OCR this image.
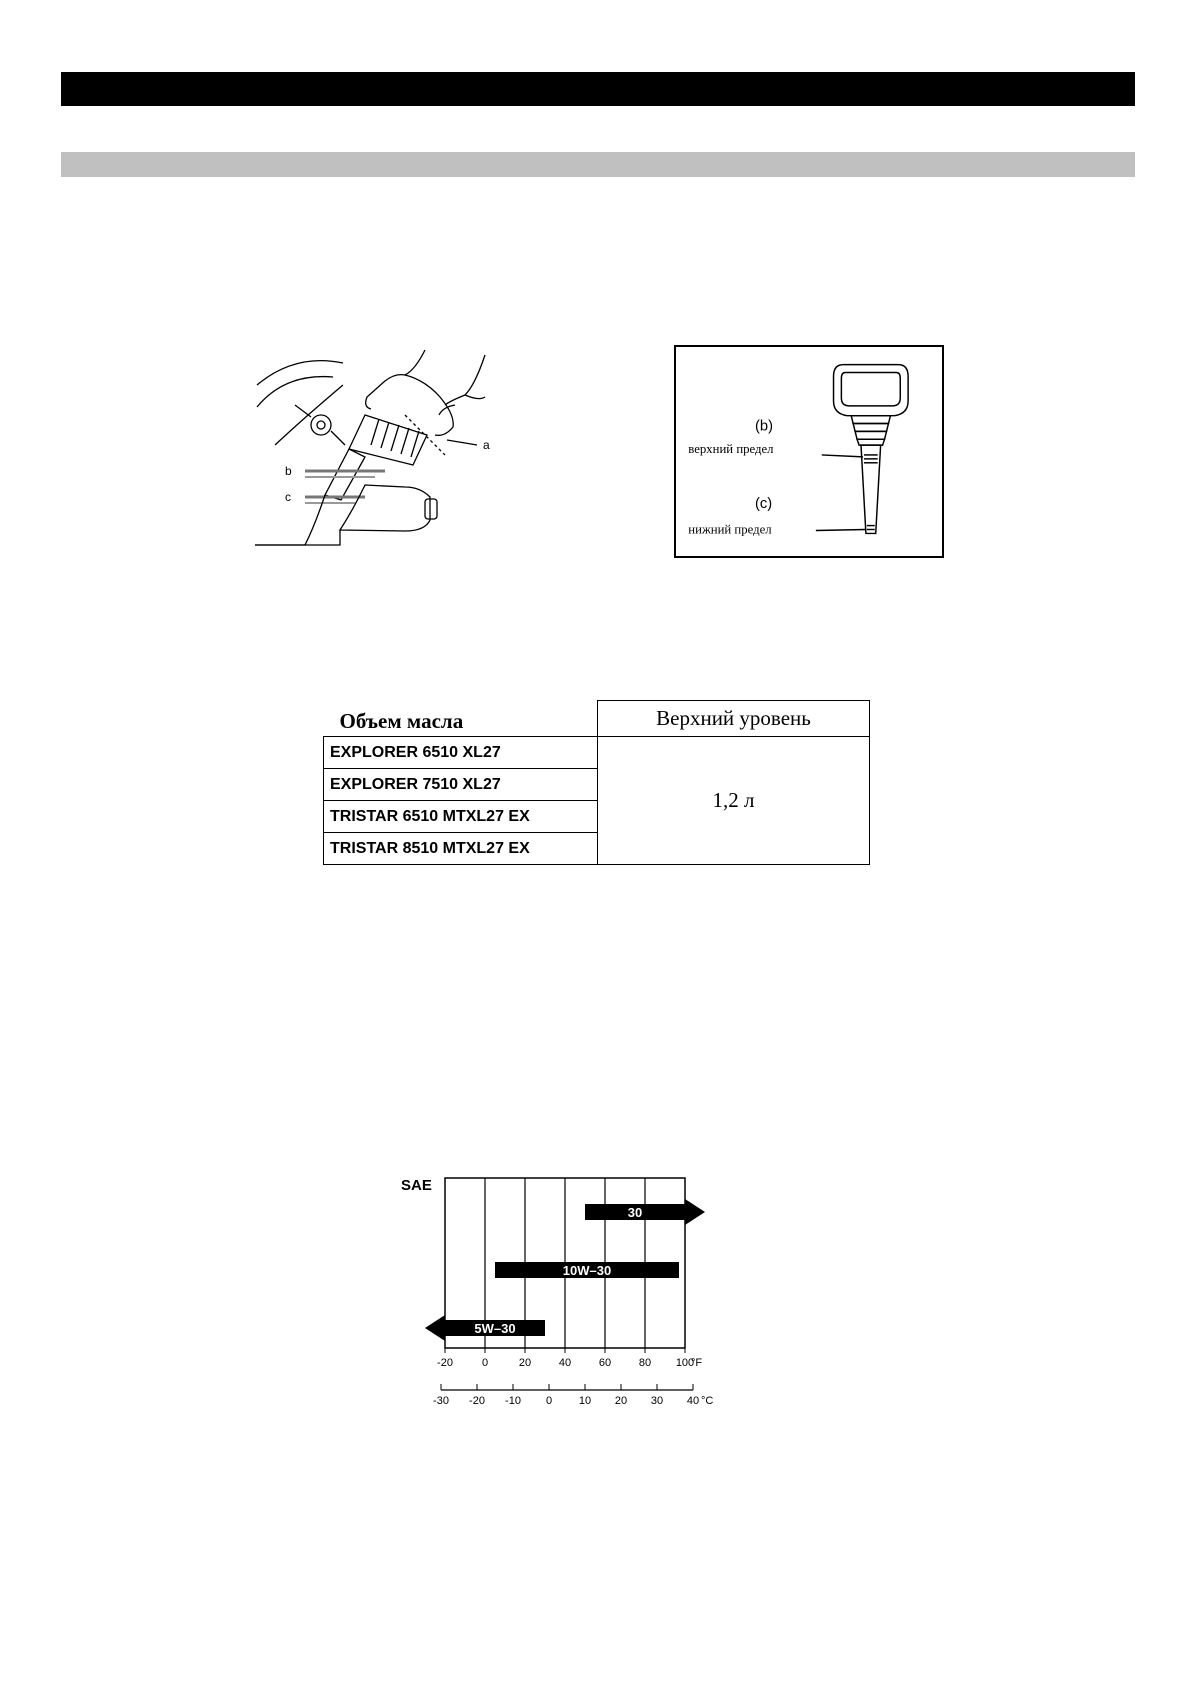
a
b
c
(b)
верхний предел
(c)
нижний предел
Объем масла	Верхний уровень
EXPLORER 6510 XL27	1,2 л
EXPLORER 7510 XL27	
TRISTAR 6510 MTXL27 EX	
TRISTAR 8510 MTXL27 EX	
SAE
30
10W–30
5W–30
-20	0	20	40	60	80 100
°F
-30 -20 -10 0 10 20 30 40 °C
